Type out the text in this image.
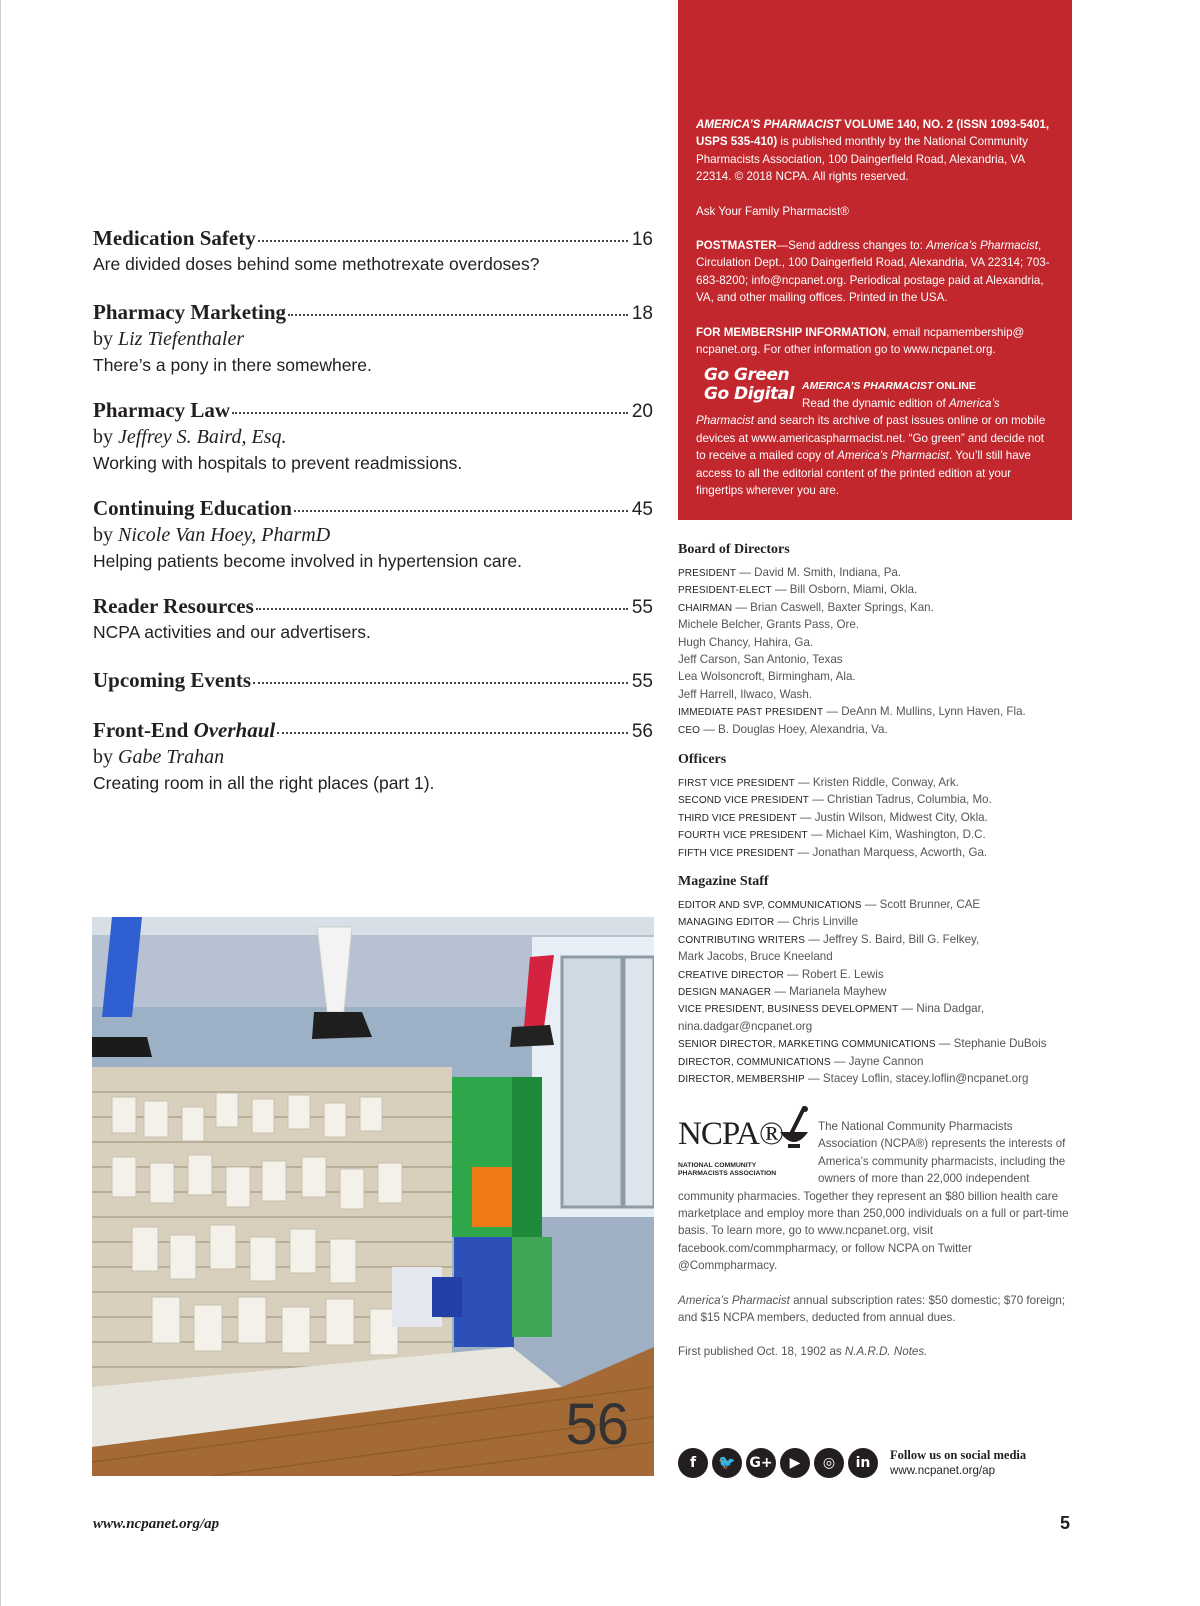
Medication Safety	16
Are divided doses behind some methotrexate overdoses?
Pharmacy Marketing	18
by Liz Tiefenthaler
There’s a pony in there somewhere.
Pharmacy Law	20
by Jeffrey S. Baird, Esq.
Working with hospitals to prevent readmissions.
Continuing Education	45
by Nicole Van Hoey, PharmD
Helping patients become involved in hypertension care.
Reader Resources	55
NCPA activities and our advertisers.
Upcoming Events	55
Front-End Overhaul	56
by Gabe Trahan
Creating room in all the right places (part 1).
56

AMERICA’S PHARMACIST VOLUME 140, NO. 2 (ISSN 1093-5401, USPS 535-410) is published monthly by the National Community Pharmacists Association, 100 Daingerfield Road, Alexandria, VA 22314. © 2018 NCPA. All rights reserved.

Ask Your Family Pharmacist®

POSTMASTER—Send address changes to: America’s Pharmacist, Circulation Dept., 100 Daingerfield Road, Alexandria, VA 22314; 703-683-8200; info@ncpanet.org. Periodical postage paid at Alexandria, VA, and other mailing offices. Printed in the USA.

FOR MEMBERSHIP INFORMATION, email ncpamembership@ ncpanet.org. For other information go to www.ncpanet.org.

Go Green
Go Digital AMERICA’S PHARMACIST ONLINE

Read the dynamic edition of America’s Pharmacist and search its archive of past issues online or on mobile devices at www.americaspharmacist.net. “Go green” and decide not to receive a mailed copy of America’s Pharmacist. You’ll still have access to all the editorial content of the printed edition at your fingertips wherever you are.

Board of Directors
PRESIDENT — David M. Smith, Indiana, Pa.
PRESIDENT-ELECT — Bill Osborn, Miami, Okla.
CHAIRMAN — Brian Caswell, Baxter Springs, Kan.
Michele Belcher, Grants Pass, Ore.
Hugh Chancy, Hahira, Ga.
Jeff Carson, San Antonio, Texas
Lea Wolsoncroft, Birmingham, Ala.
Jeff Harrell, Ilwaco, Wash.
IMMEDIATE PAST PRESIDENT — DeAnn M. Mullins, Lynn Haven, Fla.
CEO — B. Douglas Hoey, Alexandria, Va.
Officers
FIRST VICE PRESIDENT — Kristen Riddle, Conway, Ark.
SECOND VICE PRESIDENT — Christian Tadrus, Columbia, Mo.
THIRD VICE PRESIDENT — Justin Wilson, Midwest City, Okla.
FOURTH VICE PRESIDENT — Michael Kim, Washington, D.C.
FIFTH VICE PRESIDENT — Jonathan Marquess, Acworth, Ga.
Magazine Staff
EDITOR AND SVP, COMMUNICATIONS — Scott Brunner, CAE
MANAGING EDITOR — Chris Linville
CONTRIBUTING WRITERS — Jeffrey S. Baird, Bill G. Felkey,
Mark Jacobs, Bruce Kneeland
CREATIVE DIRECTOR — Robert E. Lewis
DESIGN MANAGER — Marianela Mayhew
VICE PRESIDENT, BUSINESS DEVELOPMENT — Nina Dadgar,
nina.dadgar@ncpanet.org
SENIOR DIRECTOR, MARKETING COMMUNICATIONS — Stephanie DuBois
DIRECTOR, COMMUNICATIONS — Jayne Cannon
DIRECTOR, MEMBERSHIP — Stacey Loflin, stacey.loflin@ncpanet.org
NCPA®
NATIONAL COMMUNITY PHARMACISTS ASSOCIATION

The National Community Pharmacists Association (NCPA®) represents the interests of America’s community pharmacists, including the owners of more than 22,000 independent community pharmacies. Together they represent an $80 billion health care marketplace and employ more than 250,000 individuals on a full or part-time basis. To learn more, go to www.ncpanet.org, visit facebook.com/commpharmacy, or follow NCPA on Twitter @Commpharmacy.

America’s Pharmacist annual subscription rates: $50 domestic; $70 foreign; and $15 NCPA members, deducted from annual dues.

First published Oct. 18, 1902 as N.A.R.D. Notes.

f	🐦 G+	▶	◎	in	Follow us on social media
www.ncpanet.org/ap
www.ncpanet.org/ap	5
